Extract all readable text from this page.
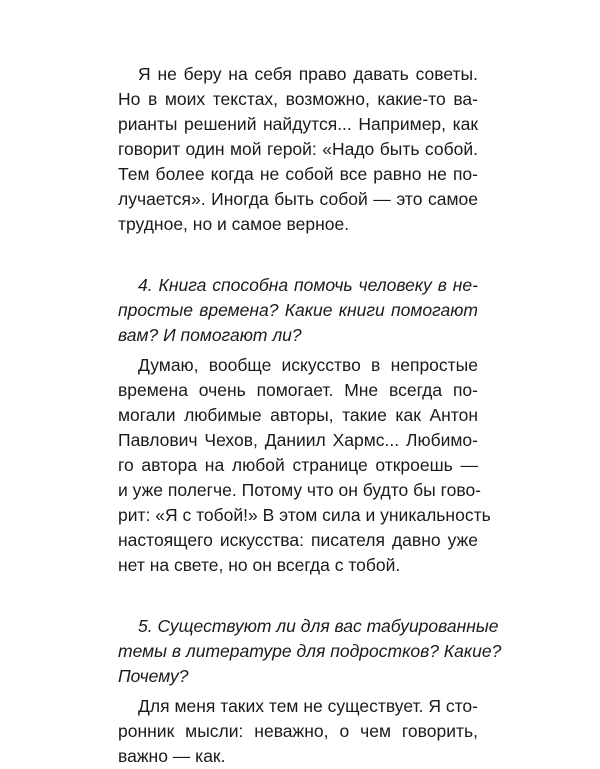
Я не беру на себя право давать советы.
Но в моих текстах, возможно, какие-то ва-
рианты решений найдутся... Например, как
говорит один мой герой: «Надо быть собой.
Тем более когда не собой все равно не по-
лучается». Иногда быть собой — это самое
трудное, но и самое верное.
4. Книга способна помочь человеку в не-
простые времена? Какие книги помогают
вам? И помогают ли?
Думаю, вообще искусство в непростые
времена очень помогает. Мне всегда по-
могали любимые авторы, такие как Антон
Павлович Чехов, Даниил Хармс... Любимо-
го автора на любой странице откроешь —
и уже полегче. Потому что он будто бы гово-
рит: «Я с тобой!» В этом сила и уникальность
настоящего искусства: писателя давно уже
нет на свете, но он всегда с тобой.
5. Существуют ли для вас табуированные
темы в литературе для подростков? Какие?
Почему?
Для меня таких тем не существует. Я сто-
ронник мысли: неважно, о чем говорить,
важно — как.
